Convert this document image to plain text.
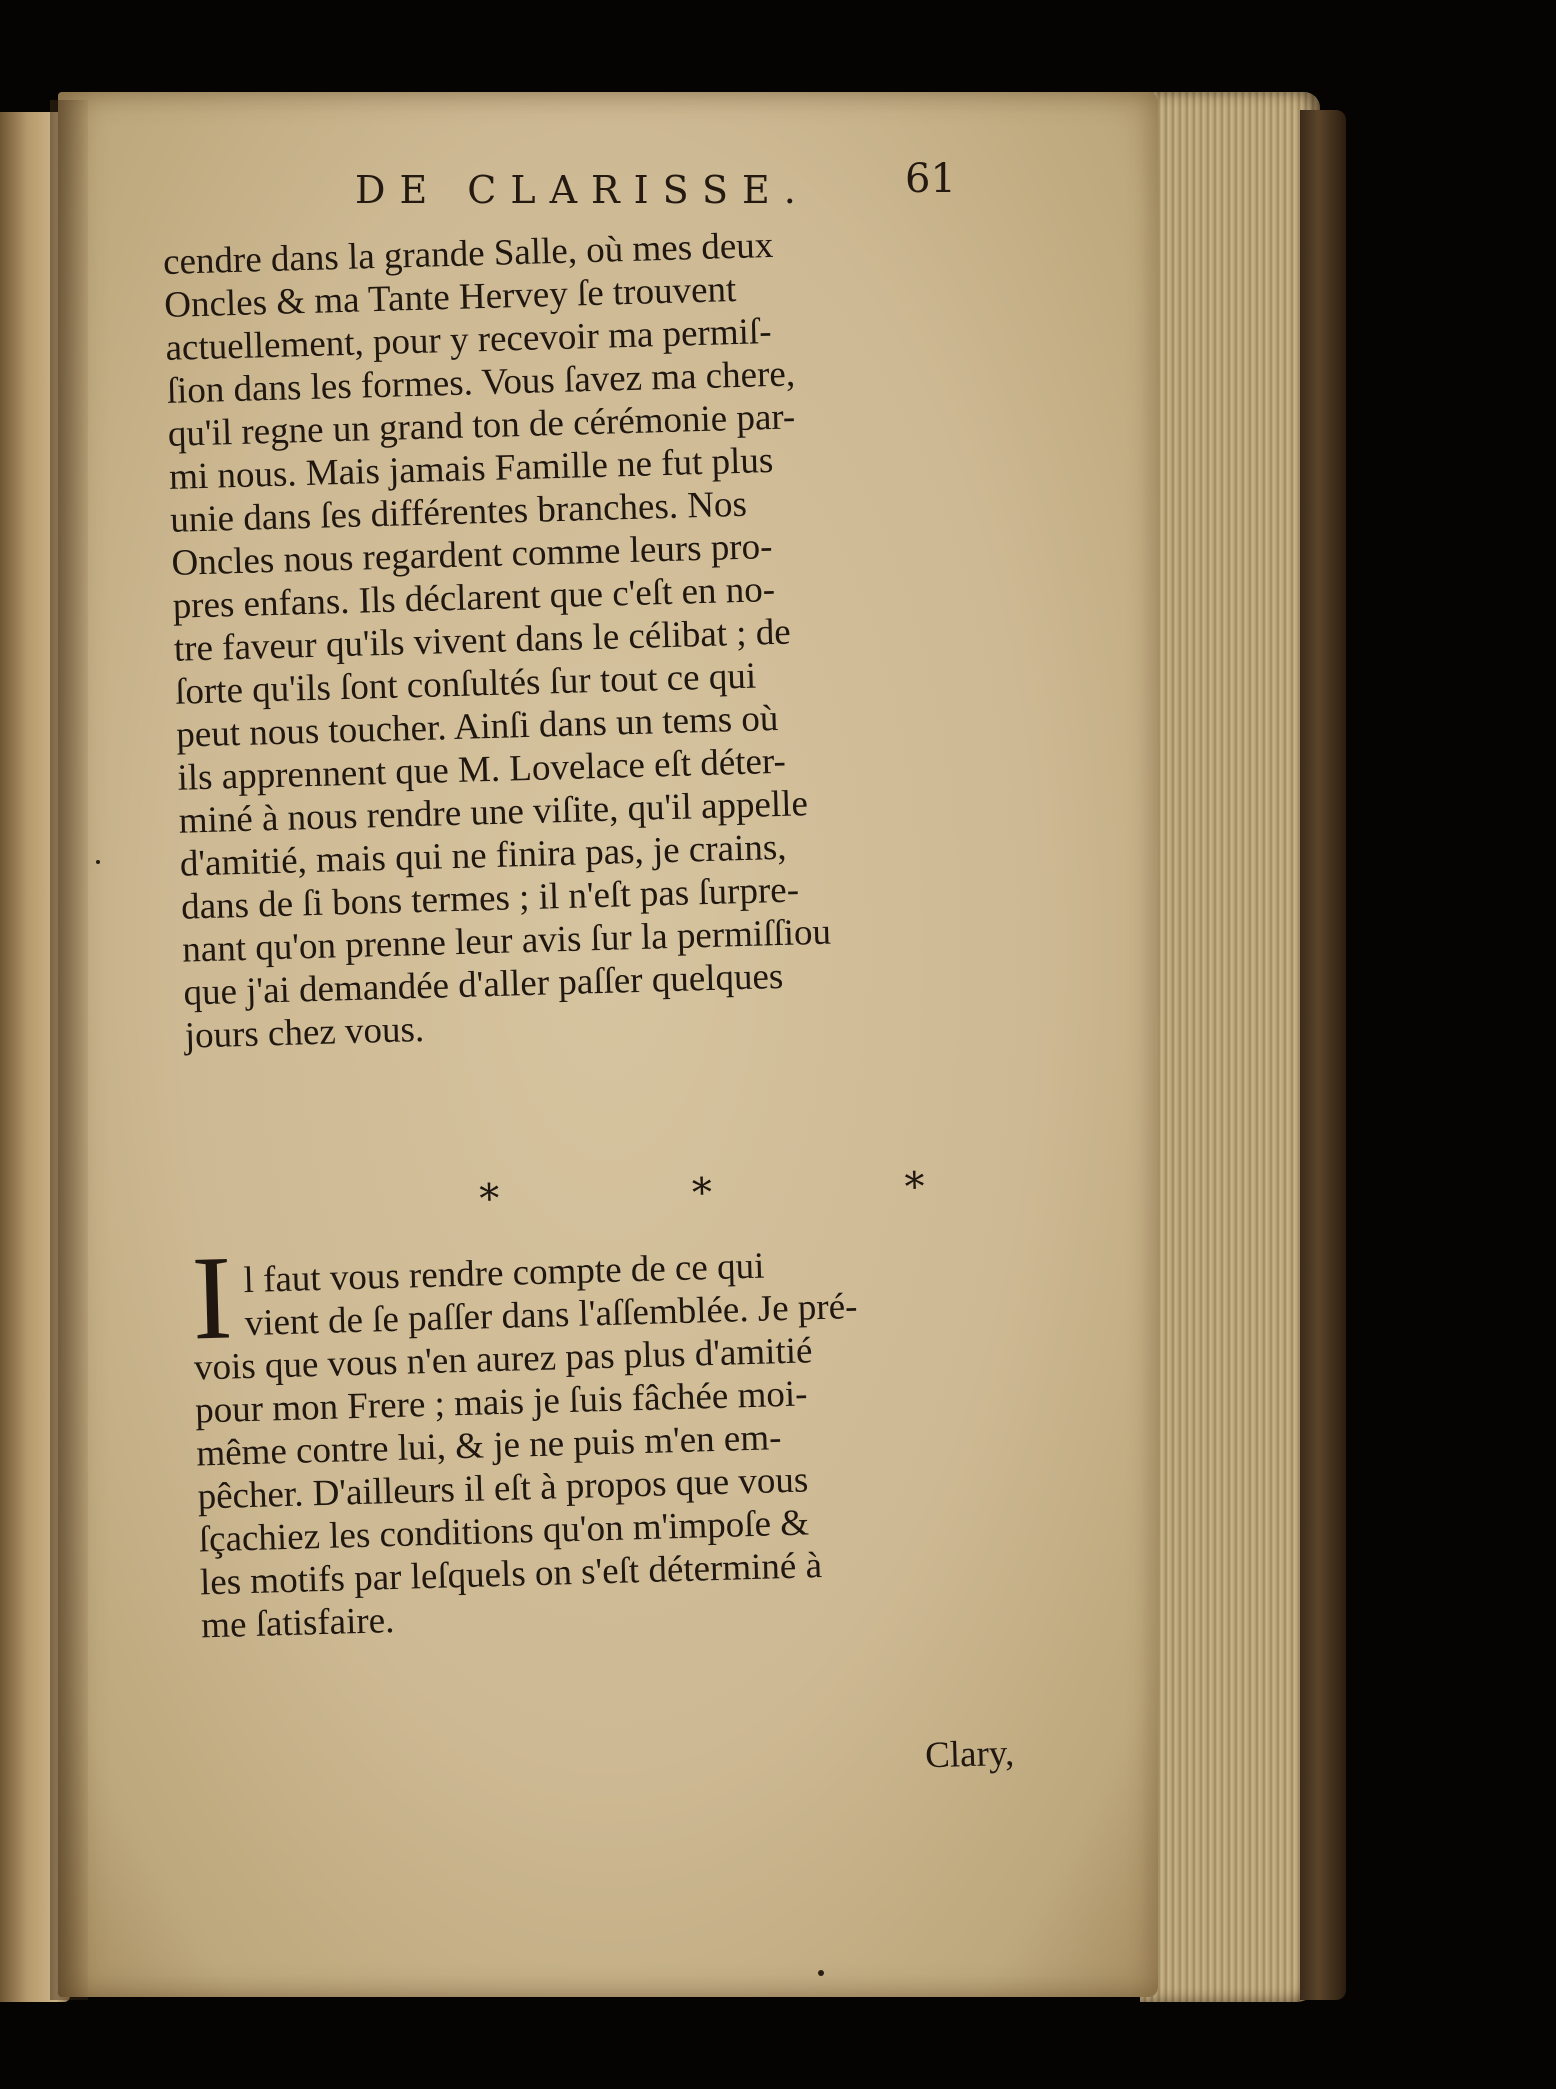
DE CLARISSE. 61
cendre dans la grande Salle, où mes deux
Oncles & ma Tante Hervey ſe trouvent
actuellement, pour y recevoir ma permiſ-
ſion dans les formes. Vous ſavez ma chere,
qu'il regne un grand ton de cérémonie par-
mi nous. Mais jamais Famille ne fut plus
unie dans ſes différentes branches. Nos
Oncles nous regardent comme leurs pro-
pres enfans. Ils déclarent que c'eſt en no-
tre faveur qu'ils vivent dans le célibat ; de
ſorte qu'ils ſont conſultés ſur tout ce qui
peut nous toucher. Ainſi dans un tems où
ils apprennent que M. Lovelace eſt déter-
miné à nous rendre une viſite, qu'il appelle
d'amitié, mais qui ne finira pas, je crains,
dans de ſi bons termes ; il n'eſt pas ſurpre-
nant qu'on prenne leur avis ſur la permiſſiou
que j'ai demandée d'aller paſſer quelques
jours chez vous.
* * *
I l faut vous rendre compte de ce qui
vient de ſe paſſer dans l'aſſemblée. Je pré-
vois que vous n'en aurez pas plus d'amitié
pour mon Frere ; mais je ſuis fâchée moi-
même contre lui, & je ne puis m'en em-
pêcher. D'ailleurs il eſt à propos que vous
ſçachiez les conditions qu'on m'impoſe &
les motifs par leſquels on s'eſt déterminé à
me ſatisfaire.
Clary,
